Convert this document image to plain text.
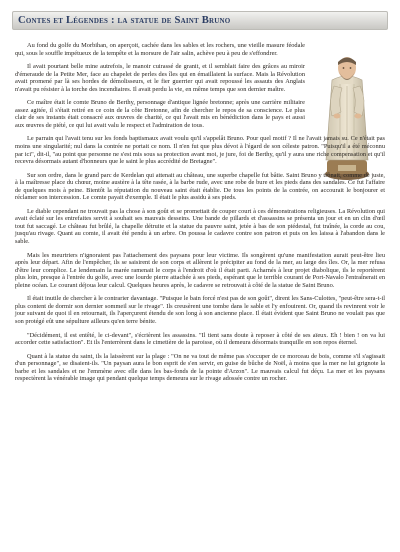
Contes et Légendes : la statue de Saint Bruno

Au fond du golfe du Morbihan, on aperçoit, cachée dans les sables et les rochers, une vieille masure féodale qui, sous le souffle impétueux de la tempête et la morsure de l'air salin, achève peu à peu de s'effondrer.

Il avait pourtant belle mine autrefois, le manoir cuirassé de granit, et il semblait faire des grâces au miroir d'émeraude de la Petite Mer, face au chapelet de perles des îles qui en émaillaient la surface. Mais la Révolution avait promené par là ses hordes de démolisseurs, et le fier guerrier qui avait repoussé les assauts des Anglais n'avait pu résister à la torche des incendiaires. Il avait perdu la vie, en même temps que son dernier maître.

Ce maître était le comte Bruno de Berthy, personnage d'antique lignée bretonne; après une carrière militaire assez agitée, il s'était retiré en ce coin de la côte Bretonne, afin de chercher le repos de sa conscience. Le plus clair de ses instants était consacré aux œuvres de charité, ce qui l'avait mis en bénédiction dans le pays et aussi aux œuvres de piété, ce qui lui avait valu le respect et l'admiration de tous.

Le parrain qui l'avait tenu sur les fonds baptismaux avait voulu qu'il s'appelât Bruno. Pour quel motif ? Il ne l'avait jamais su. Ce n'était pas moins une singularité; nul dans la contrée ne portait ce nom. Il n'en fut que plus dévot à l'égard de son céleste patron. "Puisqu'il a été méconnu par ici", dit-il, "au point que personne ne s'est mis sous sa protection avant moi, je jure, foi de Berthy, qu'il y aura une riche compensation et qu'il recevra désormais autant d'honneurs que le saint le plus accrédité de Bretagne".

Sur son ordre, dans le grand parc de Kerdelan qui attenait au château, une superbe chapelle fut bâtie. Saint Bruno y trônait, comme de juste, à la maîtresse place du chœur, moine austère à la tête rasée, à la barbe rude, avec une robe de bure et les pieds dans des sandales. Ce fut l'affaire de quelques mois à peine. Bientôt la réputation du nouveau saint était établie. De tous les points de la contrée, on accourait le bonjourer et réclamer son intercession. Le comte payait d'exemple. Il était le plus assidu à ses pieds.

Le diable cependant ne trouvait pas la chose à son goût et se promettait de couper court à ces démonstrations religieuses. La Révolution qui avait éclaté sur les entrefaites servit à souhait ses mauvais desseins. Une bande de pillards et d'assassins se présenta un jour et en un clin d'œil tout fut saccagé. Le château fut brûlé, la chapelle détruite et la statue du pauvre saint, jetée à bas de son piédestal, fut traînée, la corde au cou, jusqu'au rivage. Quant au comte, il avait été pendu à un arbre. On poussa le cadavre contre son patron et puis on les laissa à l'abandon dans le sable.

Mais les meurtriers n'ignoraient pas l'attachement des paysans pour leur victime. Ils songèrent qu'une manifestation aurait peut-être lieu après leur départ. Afin de l'empêcher, ils se saisirent de son corps et allèrent le précipiter au fond de la mer, au large des îles. Or, la mer refusa d'être leur complice. Le lendemain la marée ramenait le corps à l'endroit d'où il était parti. Acharnés à leur projet diabolique, ils le reportèrent plus loin, presque à l'entrée du golfe, avec une lourde pierre attachée à ses pieds, espérant que le terrible courant de Port-Navalo l'entraînerait en pleine océan. Le courant déjoua leur calcul. Quelques heures après, le cadavre se retrouvait à côté de la statue de Saint Bruno.

Il était inutile de chercher à le contrarier davantage. "Puisque le bain forcé n'est pas de son goût", dirent les Sans-Culottes, "peut-être sera-t-il plus content de dormir son dernier sommeil sur le rivage". Ils creusèrent une tombe dans le sable et l'y enfouirent. Or, quand ils revinrent voir le jour suivant de quoi il en retournait, ils l'aperçurent étendu de son long à son ancienne place. Il était évident que Saint Bruno ne voulait pas que son protégé eût une sépulture ailleurs qu'en terre bénite.

"Décidément, il est entêté, le ci-devant", s'écrièrent les assassins. "Il tient sans doute à reposer à côté de ses aïeux. Eh ! bien ! on va lui accorder cette satisfaction". Et ils l'enterrèrent dans le cimetière de la paroisse, où il demeura désormais tranquille en son repos éternel.

Quant à la statue du saint, ils la laissèrent sur la plage : "On ne va tout de même pas s'occuper de ce morceau de bois, comme s'il s'agissait d'un personnage", se disaient-ils. "Un paysan aura le bon esprit de s'en servir, en guise de bûche de Noël, à moins que la mer ne lui grignote la barbe et les sandales et ne l'emmène avec elle dans les bas-fonds de la pointe d'Arzon". Le mauvais calcul fut déçu. La mer et les paysans respectèrent la vénérable image qui pendant quelque temps demeura sur le rivage adossée contre un rocher.
